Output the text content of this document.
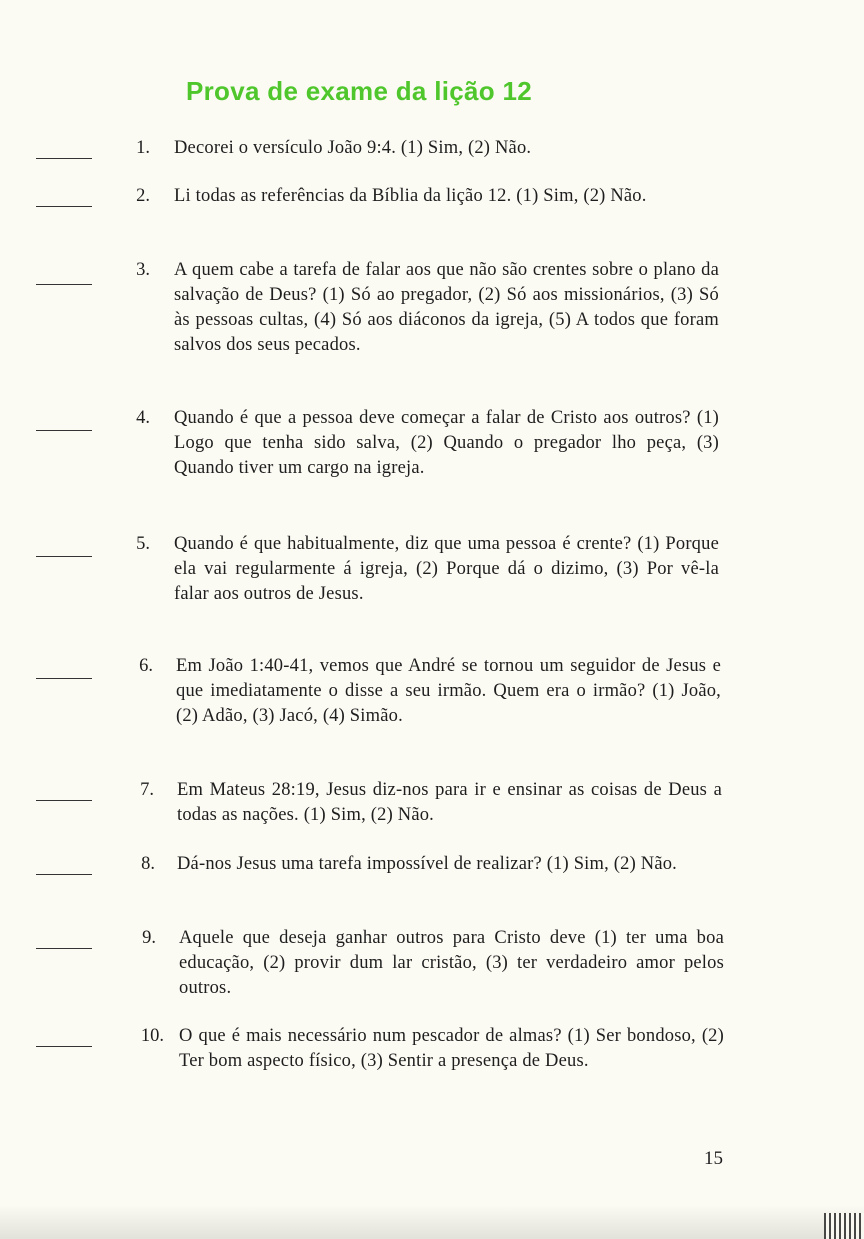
Prova de exame da lição 12
1. Decorei o versículo João 9:4. (1) Sim, (2) Não.

2. Li todas as referências da Bíblia da lição 12. (1) Sim, (2) Não.

3. A quem cabe a tarefa de falar aos que não são crentes sobre o plano da salvação de Deus? (1) Só ao pregador, (2) Só aos missionários, (3) Só às pessoas cultas, (4) Só aos diáconos da igreja, (5) A todos que foram salvos dos seus pecados.

4. Quando é que a pessoa deve começar a falar de Cristo aos outros? (1) Logo que tenha sido salva, (2) Quando o pregador lho peça, (3) Quando tiver um cargo na igreja.

5. Quando é que habitualmente, diz que uma pessoa é crente? (1) Porque ela vai regularmente á igreja, (2) Porque dá o dizimo, (3) Por vê-la falar aos outros de Jesus.

6. Em João 1:40-41, vemos que André se tornou um seguidor de Jesus e que imediatamente o disse a seu irmão. Quem era o irmão? (1) João, (2) Adão, (3) Jacó, (4) Simão.

7. Em Mateus 28:19, Jesus diz-nos para ir e ensinar as coisas de Deus a todas as nações. (1) Sim, (2) Não.

8. Dá-nos Jesus uma tarefa impossível de realizar? (1) Sim, (2) Não.

9. Aquele que deseja ganhar outros para Cristo deve (1) ter uma boa educação, (2) provir dum lar cristão, (3) ter verdadeiro amor pelos outros.

10. O que é mais necessário num pescador de almas? (1) Ser bondoso, (2) Ter bom aspecto físico, (3) Sentir a presença de Deus.

15
